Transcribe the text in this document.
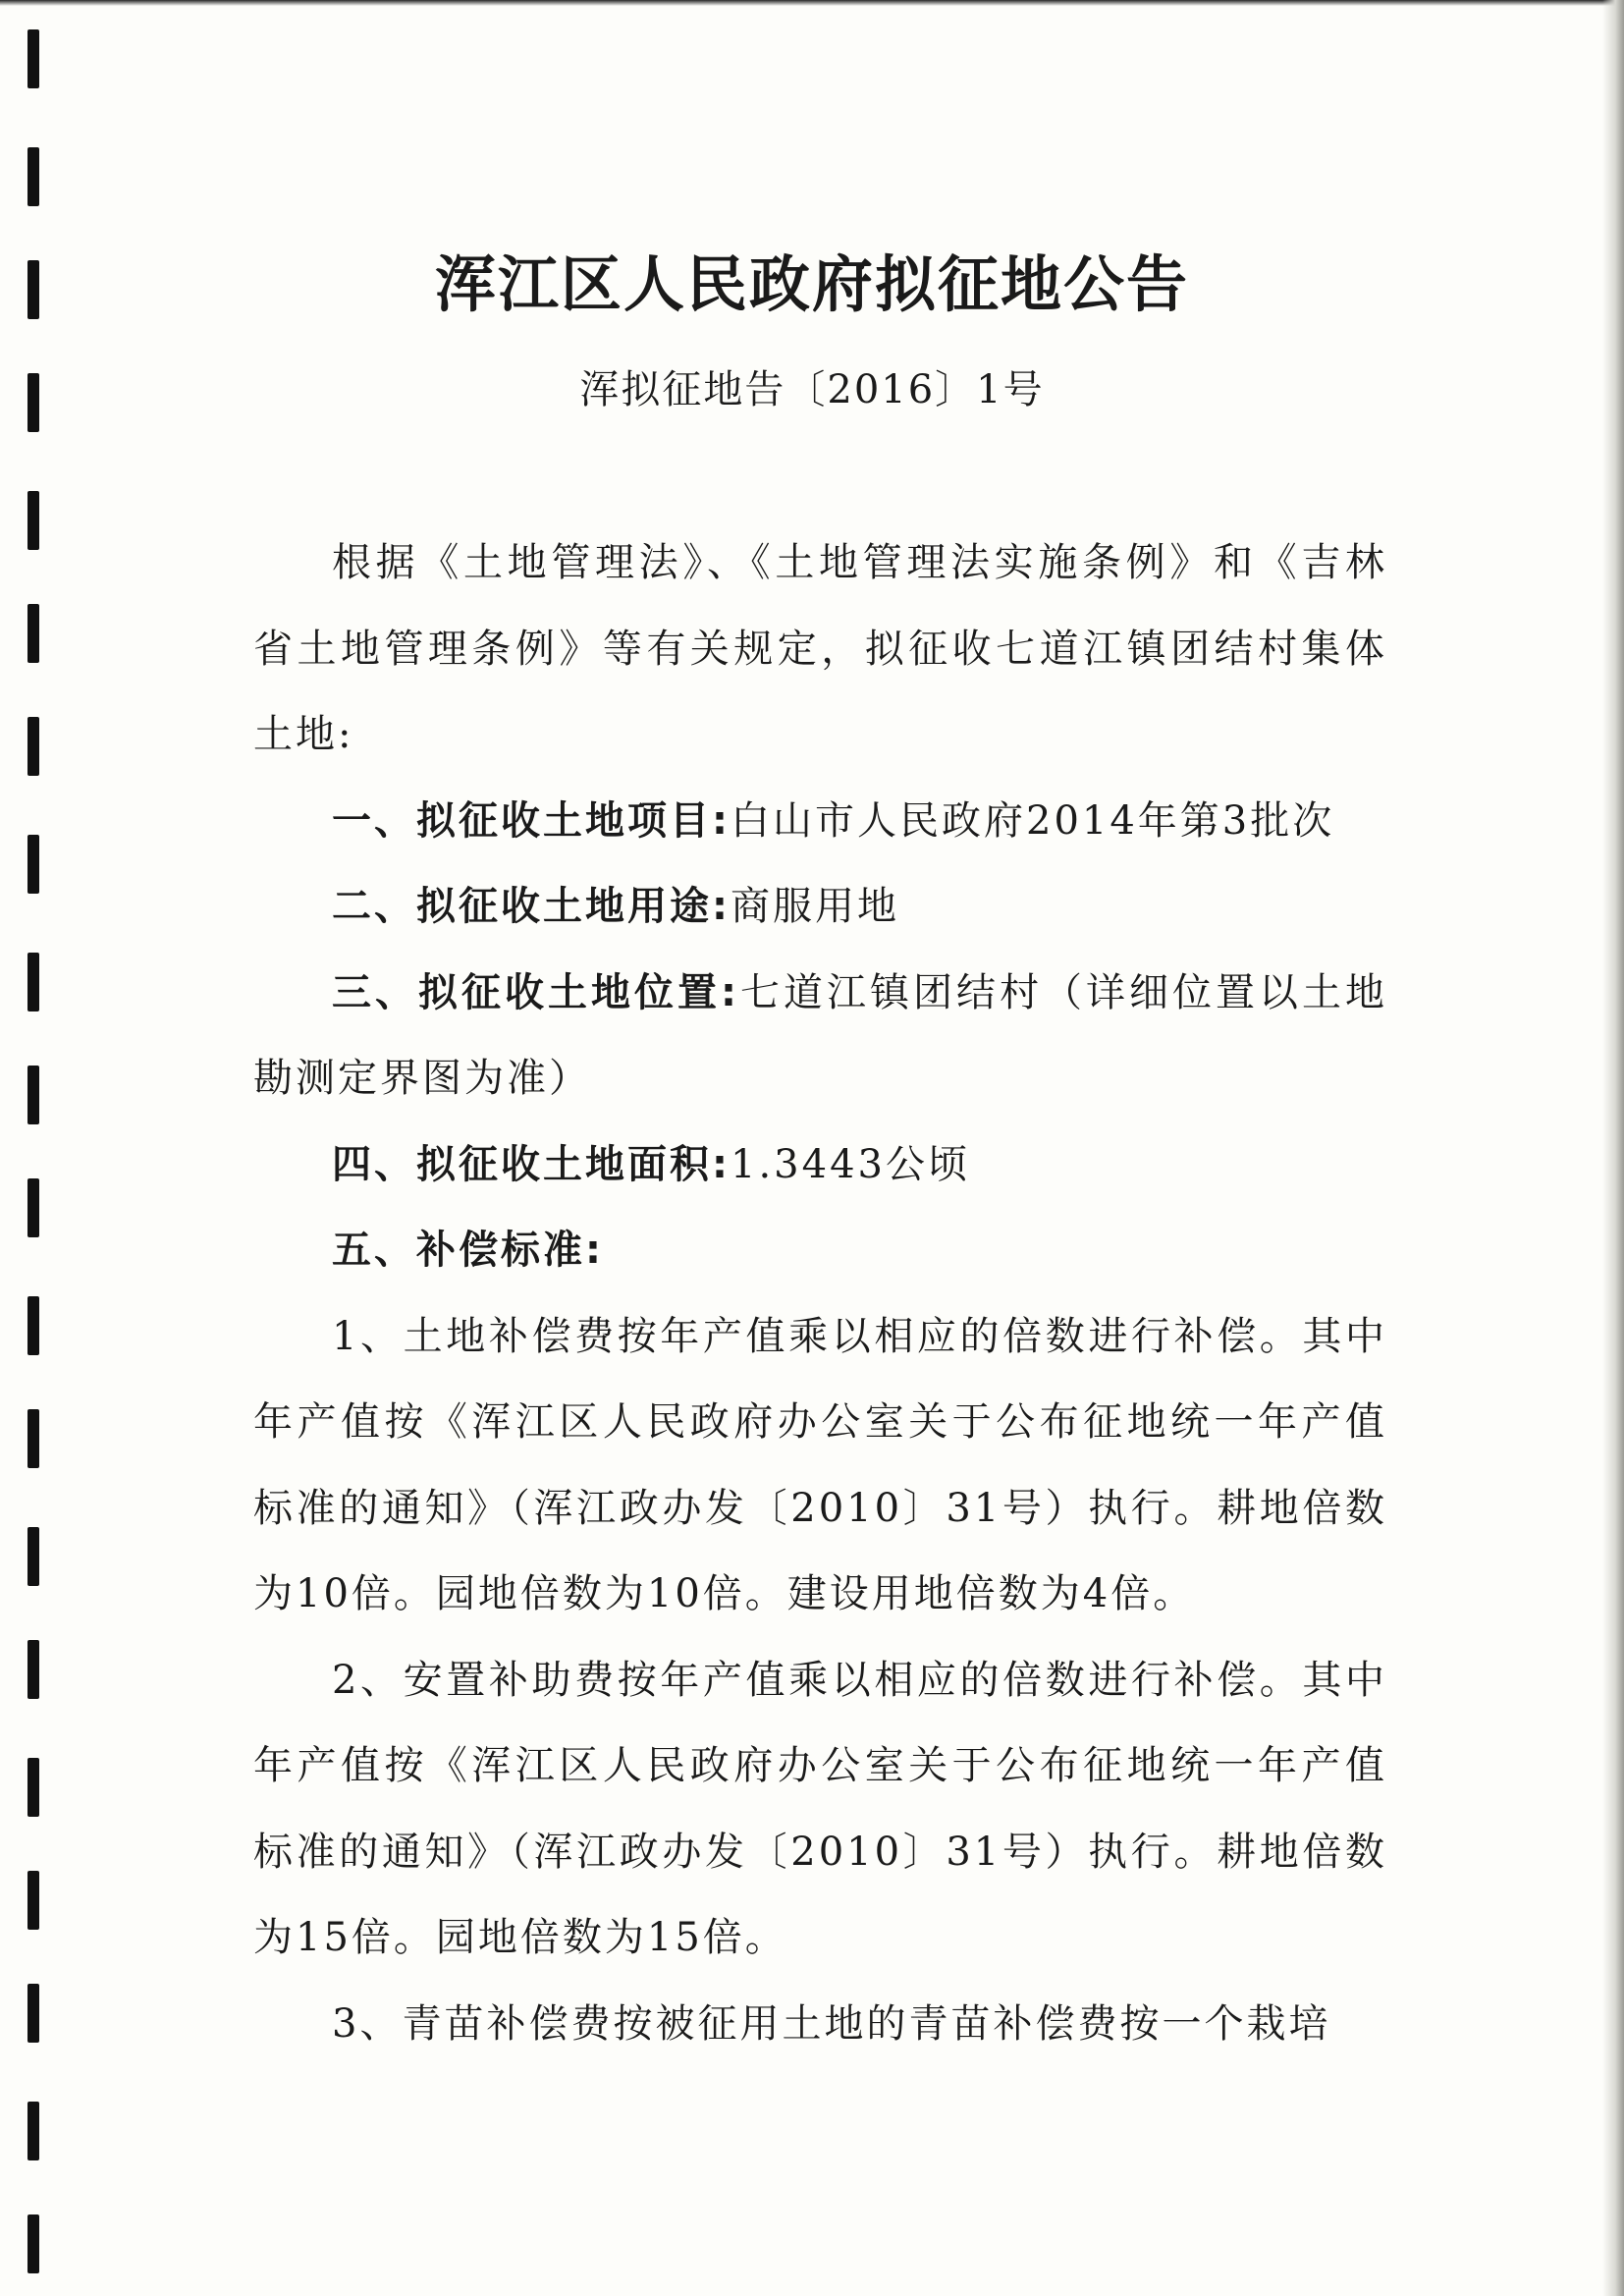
浑江区人民政府拟征地公告
浑拟征地告〔2016〕1号

根据《土地管理法》、《土地管理法实施条例》和《吉林省土地管理条例》等有关规定，拟征收七道江镇团结村集体土地:

一、拟征收土地项目:白山市人民政府2014年第3批次

二、拟征收土地用途:商服用地

三、拟征收土地位置:七道江镇团结村（详细位置以土地勘测定界图为准）

四、拟征收土地面积:1.3443公顷

五、补偿标准:

1、土地补偿费按年产值乘以相应的倍数进行补偿。其中年产值按《浑江区人民政府办公室关于公布征地统一年产值标准的通知》（浑江政办发〔2010〕31号）执行。耕地倍数为10倍。园地倍数为10倍。建设用地倍数为4倍。

2、安置补助费按年产值乘以相应的倍数进行补偿。其中年产值按《浑江区人民政府办公室关于公布征地统一年产值标准的通知》（浑江政办发〔2010〕31号）执行。耕地倍数为15倍。园地倍数为15倍。

3、青苗补偿费按被征用土地的青苗补偿费按一个栽培
